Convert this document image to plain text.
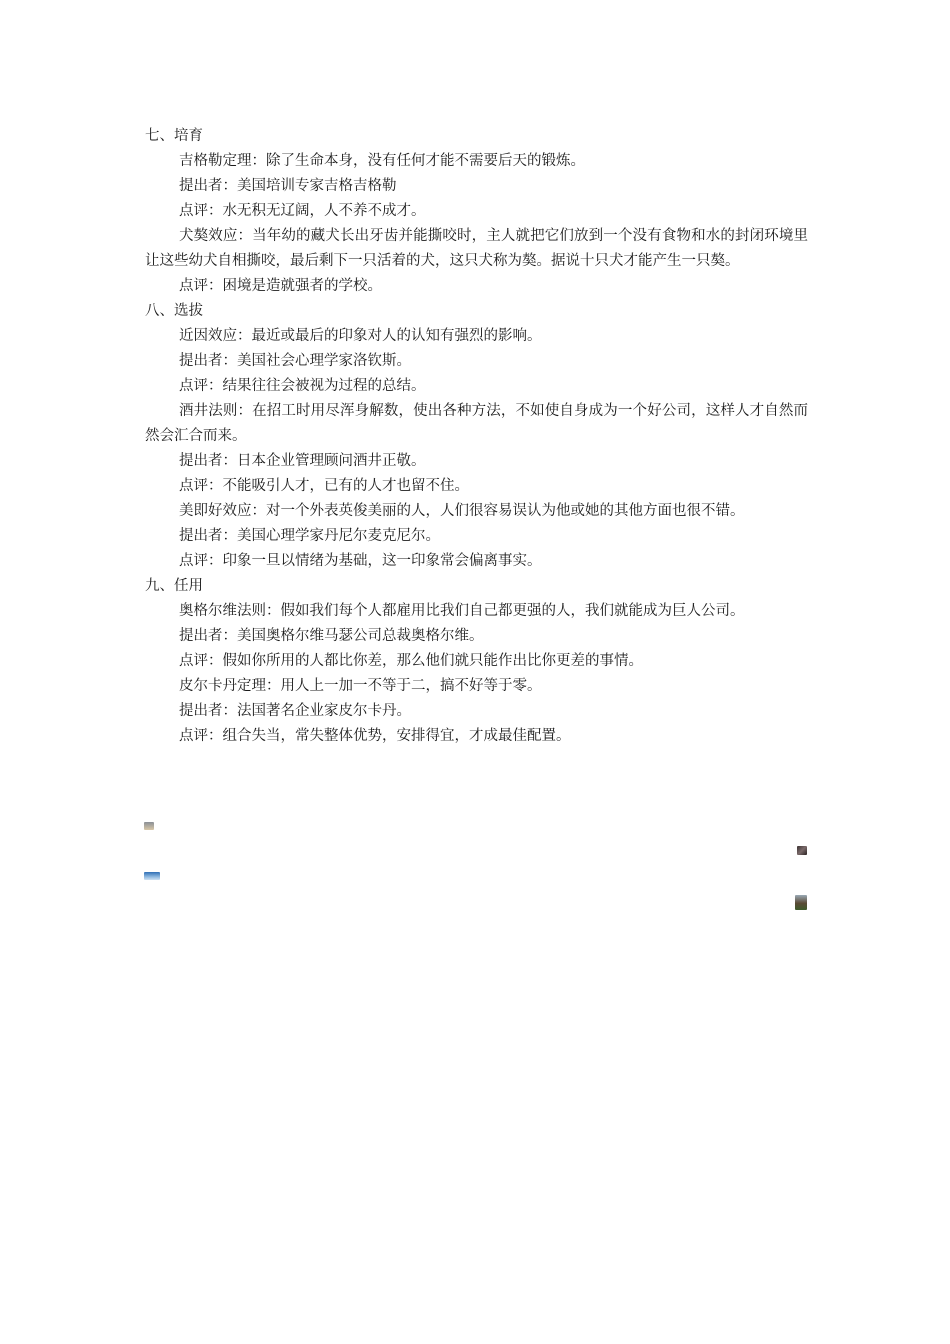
七、培育

吉格勒定理：除了生命本身，没有任何才能不需要后天的锻炼。

提出者：美国培训专家吉格吉格勒

点评：水无积无辽阔，人不养不成才。

犬獒效应：当年幼的藏犬长出牙齿并能撕咬时，主人就把它们放到一个没有食物和水的封闭环境里让这些幼犬自相撕咬，最后剩下一只活着的犬，这只犬称为獒。据说十只犬才能产生一只獒。

点评：困境是造就强者的学校。

八、选拔

近因效应：最近或最后的印象对人的认知有强烈的影响。

提出者：美国社会心理学家洛钦斯。

点评：结果往往会被视为过程的总结。

酒井法则：在招工时用尽浑身解数，使出各种方法，不如使自身成为一个好公司，这样人才自然而然会汇合而来。

提出者：日本企业管理顾问酒井正敬。

点评：不能吸引人才，已有的人才也留不住。

美即好效应：对一个外表英俊美丽的人，人们很容易误认为他或她的其他方面也很不错。

提出者：美国心理学家丹尼尔麦克尼尔。

点评：印象一旦以情绪为基础，这一印象常会偏离事实。

九、任用

奥格尔维法则：假如我们每个人都雇用比我们自己都更强的人，我们就能成为巨人公司。

提出者：美国奥格尔维马瑟公司总裁奥格尔维。

点评：假如你所用的人都比你差，那么他们就只能作出比你更差的事情。

皮尔卡丹定理：用人上一加一不等于二，搞不好等于零。

提出者：法国著名企业家皮尔卡丹。

点评：组合失当，常失整体优势，安排得宜，才成最佳配置。
